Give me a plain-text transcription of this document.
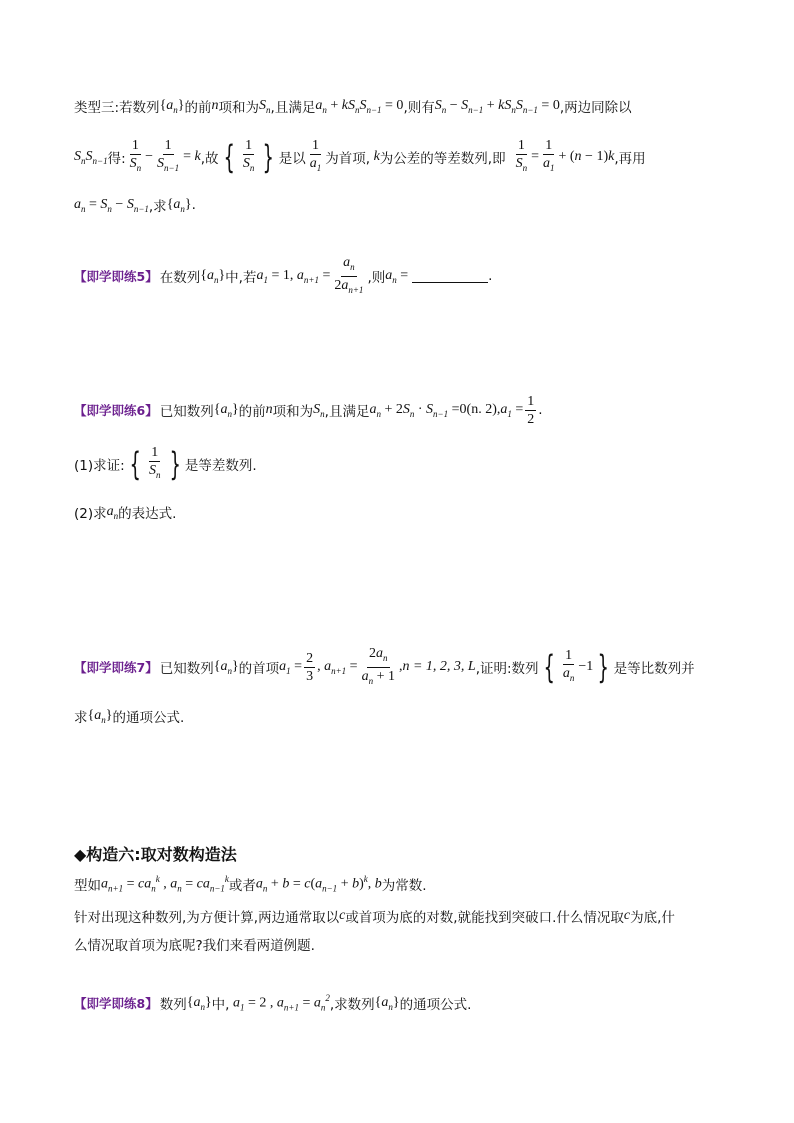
类型三: 若数列 $\{a_n\}$ 的前 n 项和为 $S_n$ ,且满足 $a_n + kS_nS_{n-1} = 0$ ,则有 $S_n - S_{n-1} + kS_nS_{n-1} = 0$ ,两边同除以
$S_nS_{n-1}$ 得: $\frac{1}{S_n} - \frac{1}{S_{n-1}} = k$ ,故 { $\frac{1}{S_n}$ } 是以 $\frac{1}{a_1}$ 为首项, k 为公差的等差数列,即 $\frac{1}{S_n} = \frac{1}{a_1} + (n - 1)k$ ,再用
$a_n = S_n - S_{n-1}$ ,求 $\{a_n\}$ .
【即学即练5】 在数列 $\{a_n\}$ 中,若 $a_1 = 1$, $a_{n+1} = \frac{a_n}{2a_{n+1}}$ ,则 $a_n$ =	.
【即学即练6】 已知数列 $\{a_n\}$ 的前 n 项和为 $S_n$ ,且满足 $a_n + 2S_n \cdot S_{n-1} = 0(n$. 2), $a_1 = \frac{1}{2}$ .
(1)求证: { $\frac{1}{S_n}$ } 是等差数列.
(2)求 $a_n$ 的表达式.
【即学即练7】 已知数列 $\{a_n\}$ 的首项 $a_1 = \frac{2}{3}$ , $a_{n+1} = \frac{2a_n}{a_n + 1}$ , n = 1, 2, 3, L ,证明:数列 { $\frac{1}{a_n} -1$ } 是等比数列并
求 $\{a_n\}$ 的通项公式.
◆构造六:取对数构造法
型如 $a_{n+1} = ca_n^k$ , $a_n = ca_{n-1}^k$ 或者 $a_n + b = c(a_{n-1} + b)^k$, b 为常数.
针对出现这种数列,为方便计算,两边通常取以 c 或首项为底的对数,就能找到突破口.什么情况取 c 为底,什
么情况取首项为底呢?我们来看两道例题.
【即学即练8】 数列 $\{a_n\}$ 中, $a_1 = 2$ , $a_{n+1} = a_n^2$ ,求数列 $\{a_n\}$ 的通项公式.
